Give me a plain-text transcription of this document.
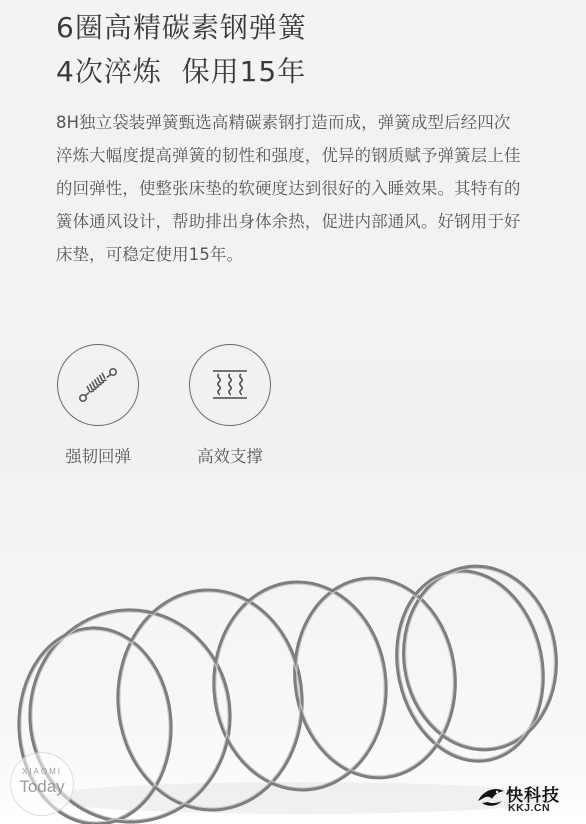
6圈高精碳素钢弹簧
4次淬炼  保用15年

8H独立袋装弹簧甄选高精碳素钢打造而成，弹簧成型后经四次淬炼大幅度提高弹簧的韧性和强度，优异的钢质赋予弹簧层上佳的回弹性，使整张床垫的软硬度达到很好的入睡效果。其特有的簧体通风设计，帮助排出身体余热，促进内部通风。好钢用于好床垫，可稳定使用15年。

强韧回弹	高效支撑
XIAOMI
Today	快科技
KKJ.CN
